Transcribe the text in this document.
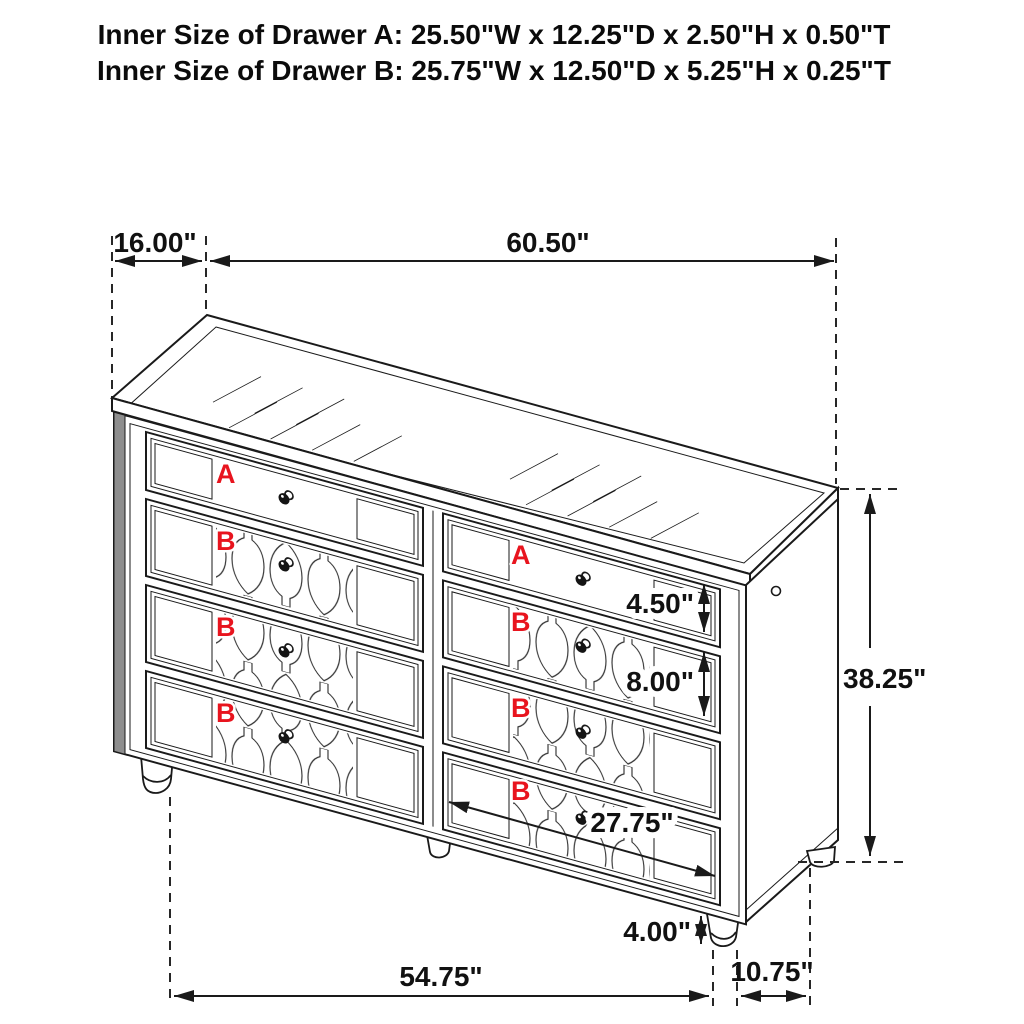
Inner Size of Drawer A: 25.50"W x 12.25"D x 2.50"H x 0.50"T
Inner Size of Drawer B: 25.75"W x 12.50"D x 5.25"H x 0.25"T
16.00"	60.50"
A
B
B
B
A
B
B
B
4.50"
8.00"
27.75"
38.25"
4.00"
54.75"	10.75"
